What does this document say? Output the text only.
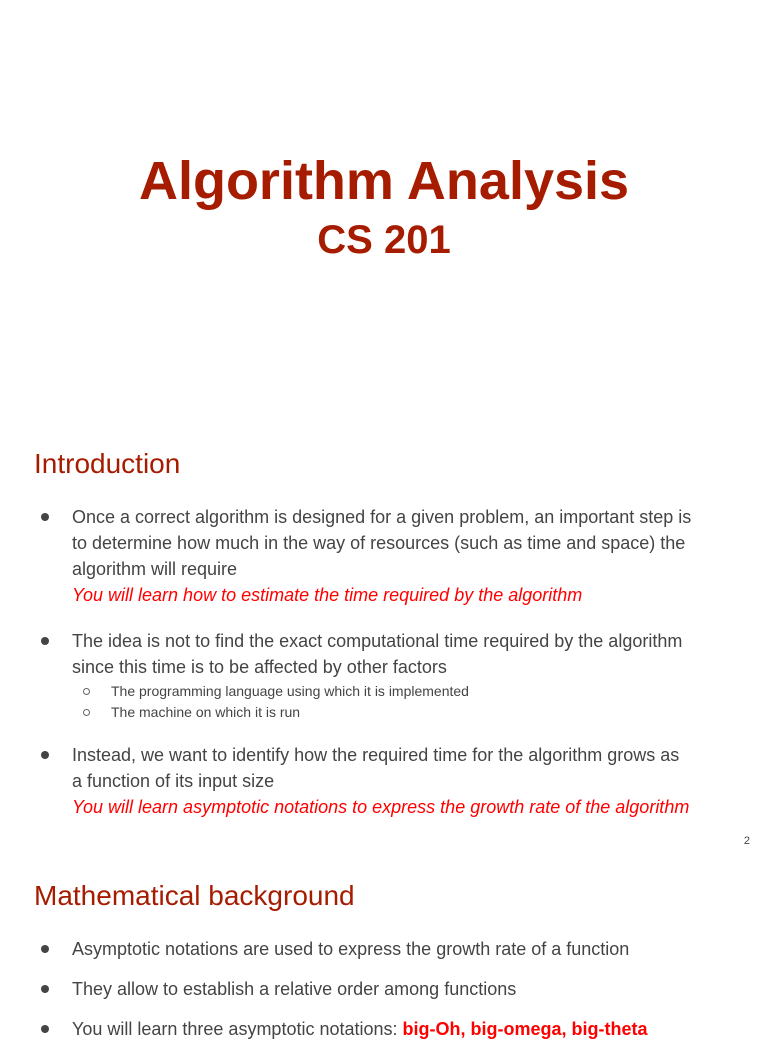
Algorithm Analysis
CS 201
Introduction
Once a correct algorithm is designed for a given problem, an important step is
to determine how much in the way of resources (such as time and space) the
algorithm will require
You will learn how to estimate the time required by the algorithm
The idea is not to find the exact computational time required by the algorithm
since this time is to be affected by other factors
The programming language using which it is implemented
The machine on which it is run
Instead, we want to identify how the required time for the algorithm grows as
a function of its input size
You will learn asymptotic notations to express the growth rate of the algorithm
2
Mathematical background
Asymptotic notations are used to express the growth rate of a function
They allow to establish a relative order among functions
You will learn three asymptotic notations: big-Oh, big-omega, big-theta
